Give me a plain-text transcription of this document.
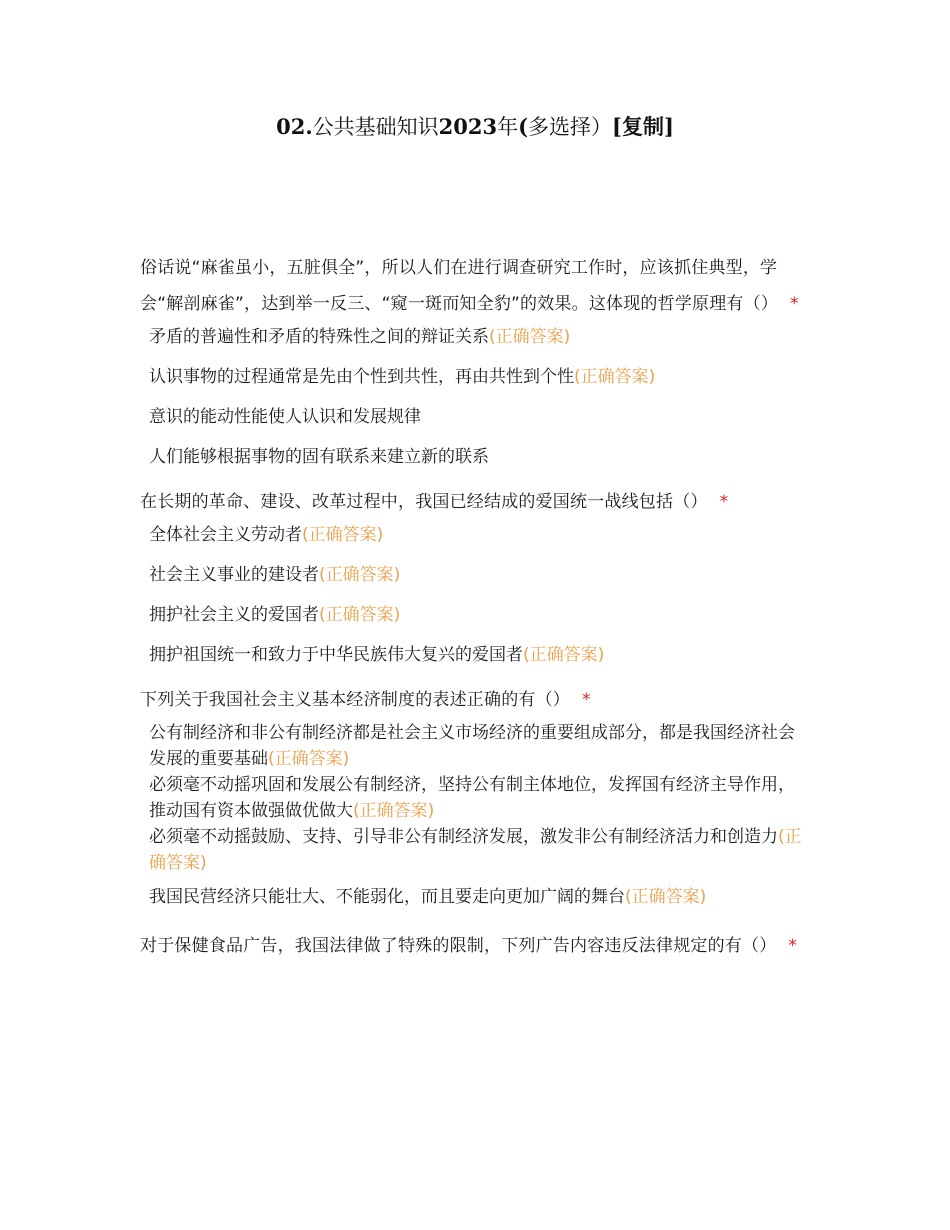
02.公共基础知识2023年(多选择）[复制]
俗话说“麻雀虽小，五脏俱全”，所以人们在进行调查研究工作时，应该抓住典型，学会“解剖麻雀”，达到举一反三、“窥一斑而知全豹”的效果。这体现的哲学原理有（） *
矛盾的普遍性和矛盾的特殊性之间的辩证关系(正确答案)
认识事物的过程通常是先由个性到共性，再由共性到个性(正确答案)
意识的能动性能使人认识和发展规律
人们能够根据事物的固有联系来建立新的联系
在长期的革命、建设、改革过程中，我国已经结成的爱国统一战线包括（） *
全体社会主义劳动者(正确答案)
社会主义事业的建设者(正确答案)
拥护社会主义的爱国者(正确答案)
拥护祖国统一和致力于中华民族伟大复兴的爱国者(正确答案)
下列关于我国社会主义基本经济制度的表述正确的有（） *
公有制经济和非公有制经济都是社会主义市场经济的重要组成部分，都是我国经济社会发展的重要基础(正确答案)
必须毫不动摇巩固和发展公有制经济，坚持公有制主体地位，发挥国有经济主导作用，推动国有资本做强做优做大(正确答案)
必须毫不动摇鼓励、支持、引导非公有制经济发展，激发非公有制经济活力和创造力(正确答案)
我国民营经济只能壮大、不能弱化，而且要走向更加广阔的舞台(正确答案)
对于保健食品广告，我国法律做了特殊的限制，下列广告内容违反法律规定的有（） *
